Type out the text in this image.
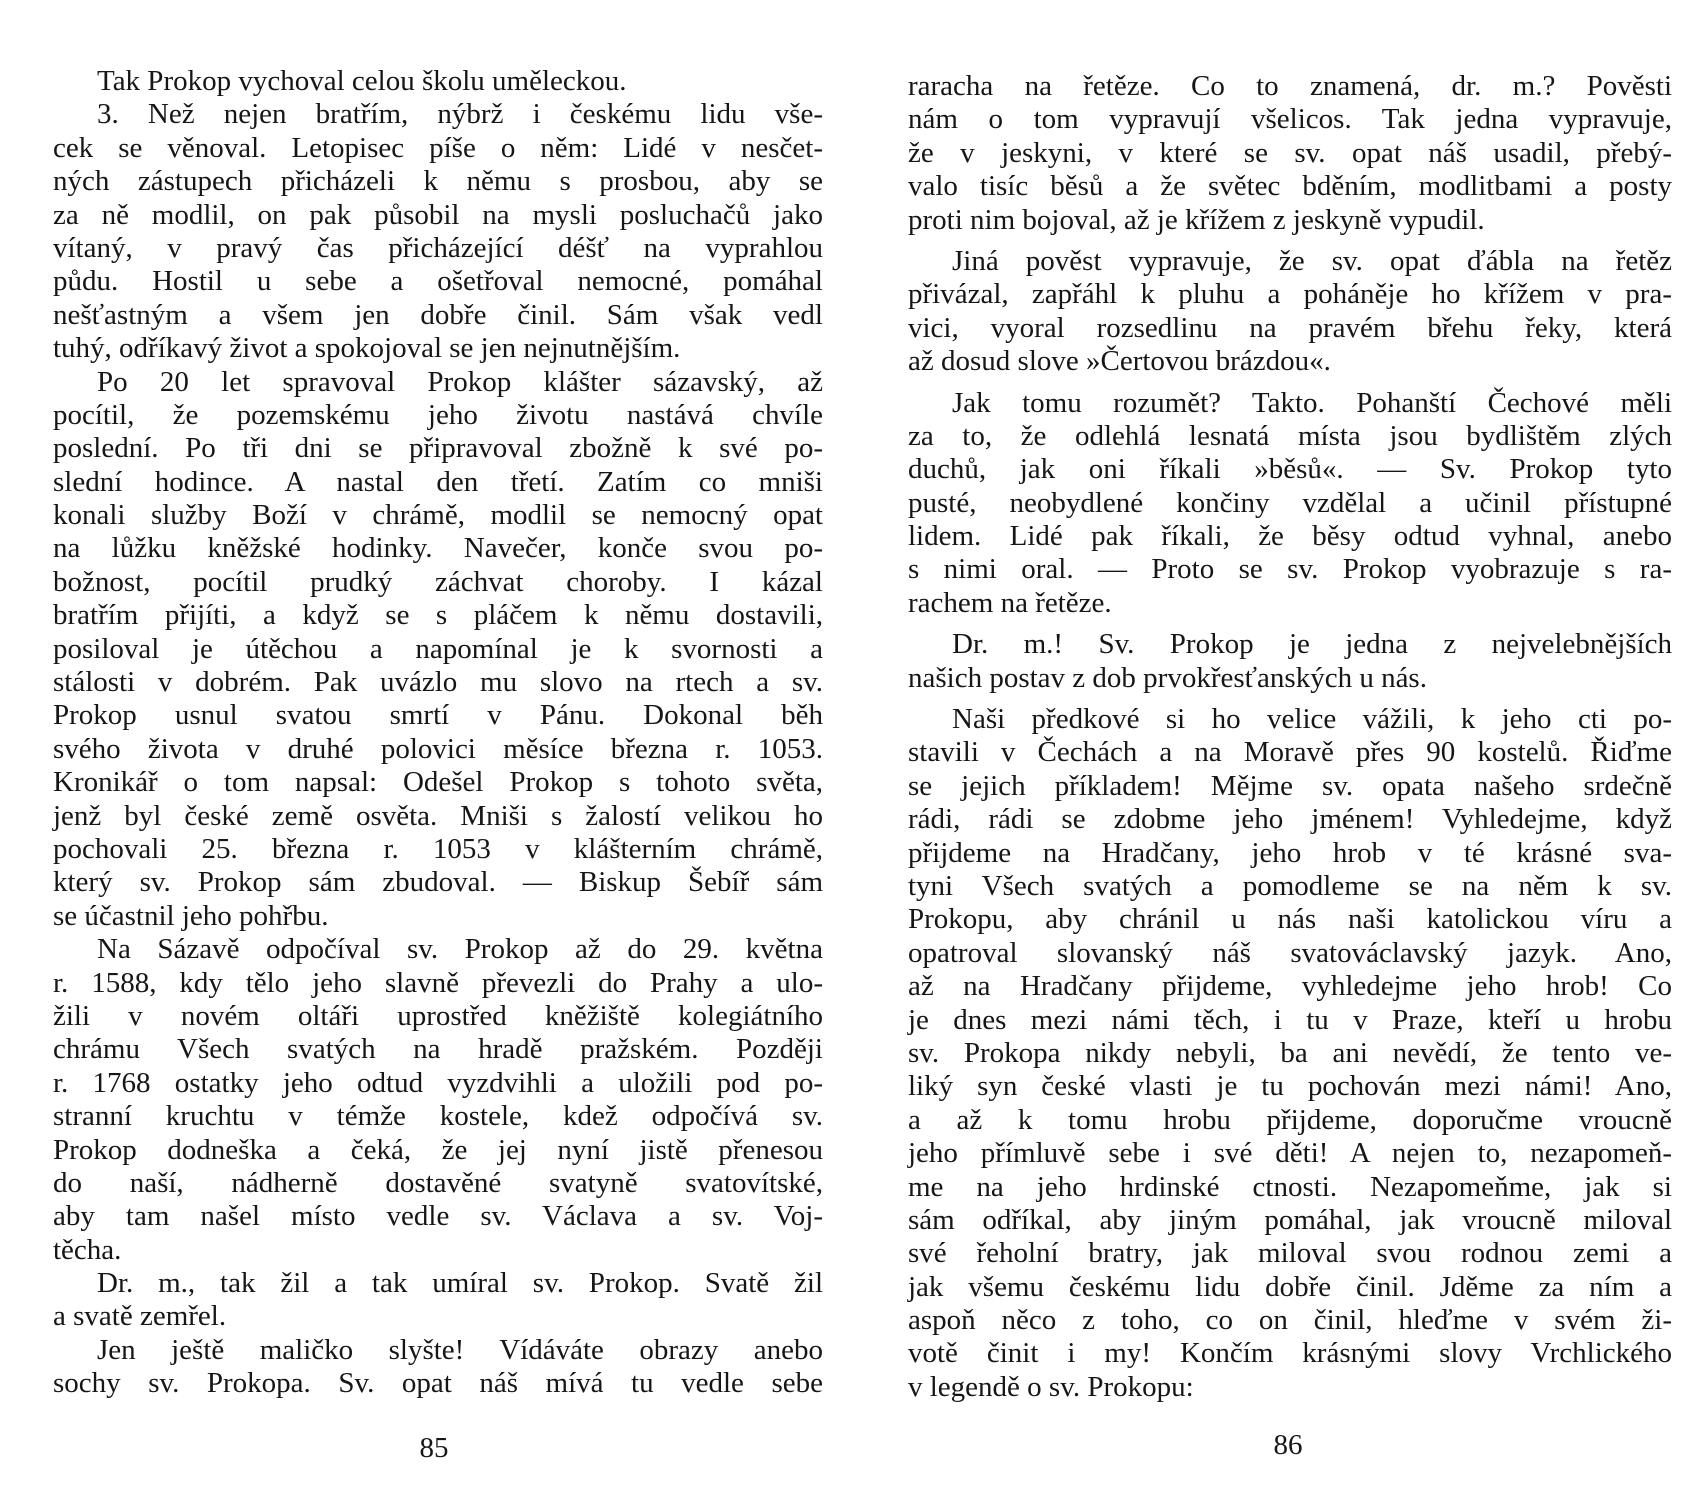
Tak Prokop vychoval celou školu uměleckou.
3. Než nejen bratřím, nýbrž i českému lidu vše-
cek se věnoval. Letopisec píše o něm: Lidé v nesčet-
ných zástupech přicházeli k němu s prosbou, aby se
za ně modlil, on pak působil na mysli posluchačů jako
vítaný, v pravý čas přicházející déšť na vyprahlou
půdu. Hostil u sebe a ošetřoval nemocné, pomáhal
nešťastným a všem jen dobře činil. Sám však vedl
tuhý, odříkavý život a spokojoval se jen nejnutnějším.
Po 20 let spravoval Prokop klášter sázavský, až
pocítil, že pozemskému jeho životu nastává chvíle
poslední. Po tři dni se připravoval zbožně k své po-
slední hodince. A nastal den třetí. Zatím co mniši
konali služby Boží v chrámě, modlil se nemocný opat
na lůžku kněžské hodinky. Navečer, konče svou po-
božnost, pocítil prudký záchvat choroby. I kázal
bratřím přijíti, a když se s pláčem k němu dostavili,
posiloval je útěchou a napomínal je k svornosti a
stálosti v dobrém. Pak uvázlo mu slovo na rtech a sv.
Prokop usnul svatou smrtí v Pánu. Dokonal běh
svého života v druhé polovici měsíce března r. 1053.
Kronikář o tom napsal: Odešel Prokop s tohoto světa,
jenž byl české země osvěta. Mniši s žalostí velikou ho
pochovali 25. března r. 1053 v klášterním chrámě,
který sv. Prokop sám zbudoval. — Biskup Šebíř sám
se účastnil jeho pohřbu.
Na Sázavě odpočíval sv. Prokop až do 29. května
r. 1588, kdy tělo jeho slavně převezli do Prahy a ulo-
žili v novém oltáři uprostřed kněžiště kolegiátního
chrámu Všech svatých na hradě pražském. Později
r. 1768 ostatky jeho odtud vyzdvihli a uložili pod po-
stranní kruchtu v témže kostele, kdež odpočívá sv.
Prokop dodneška a čeká, že jej nyní jistě přenesou
do naší, nádherně dostavěné svatyně svatovítské,
aby tam našel místo vedle sv. Václava a sv. Voj-
těcha.
Dr. m., tak žil a tak umíral sv. Prokop. Svatě žil
a svatě zemřel.
Jen ještě maličko slyšte! Vídáváte obrazy anebo
sochy sv. Prokopa. Sv. opat náš mívá tu vedle sebe
raracha na řetěze. Co to znamená, dr. m.? Pověsti
nám o tom vypravují všelicos. Tak jedna vypravuje,
že v jeskyni, v které se sv. opat náš usadil, přebý-
valo tisíc běsů a že světec bděním, modlitbami a posty
proti nim bojoval, až je křížem z jeskyně vypudil.
Jiná pověst vypravuje, že sv. opat ďábla na řetěz
přivázal, zapřáhl k pluhu a poháněje ho křížem v pra-
vici, vyoral rozsedlinu na pravém břehu řeky, která
až dosud slove »Čertovou brázdou«.
Jak tomu rozumět? Takto. Pohanští Čechové měli
za to, že odlehlá lesnatá místa jsou bydlištěm zlých
duchů, jak oni říkali »běsů«. — Sv. Prokop tyto
pusté, neobydlené končiny vzdělal a učinil přístupné
lidem. Lidé pak říkali, že běsy odtud vyhnal, anebo
s nimi oral. — Proto se sv. Prokop vyobrazuje s ra-
rachem na řetěze.
Dr. m.! Sv. Prokop je jedna z nejvelebnějších
našich postav z dob prvokřesťanských u nás.
Naši předkové si ho velice vážili, k jeho cti po-
stavili v Čechách a na Moravě přes 90 kostelů. Řiďme
se jejich příkladem! Mějme sv. opata našeho srdečně
rádi, rádi se zdobme jeho jménem! Vyhledejme, když
přijdeme na Hradčany, jeho hrob v té krásné sva-
tyni Všech svatých a pomodleme se na něm k sv.
Prokopu, aby chránil u nás naši katolickou víru a
opatroval slovanský náš svatováclavský jazyk. Ano,
až na Hradčany přijdeme, vyhledejme jeho hrob! Co
je dnes mezi námi těch, i tu v Praze, kteří u hrobu
sv. Prokopa nikdy nebyli, ba ani nevědí, že tento ve-
liký syn české vlasti je tu pochován mezi námi! Ano,
a až k tomu hrobu přijdeme, doporučme vroucně
jeho přímluvě sebe i své děti! A nejen to, nezapomeň-
me na jeho hrdinské ctnosti. Nezapomeňme, jak si
sám odříkal, aby jiným pomáhal, jak vroucně miloval
své řeholní bratry, jak miloval svou rodnou zemi a
jak všemu českému lidu dobře činil. Jděme za ním a
aspoň něco z toho, co on činil, hleďme v svém ži-
votě činit i my! Končím krásnými slovy Vrchlického
v legendě o sv. Prokopu:
85	86
